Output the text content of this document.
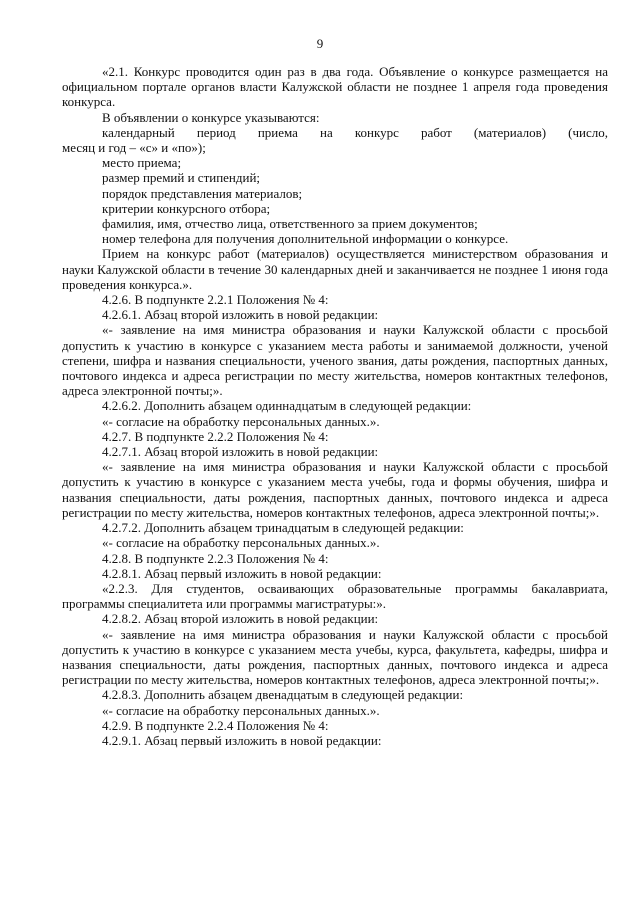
9

«2.1. Конкурс проводится один раз в два года. Объявление о конкурсе размещается на официальном портале органов власти Калужской области не позднее 1 апреля года проведения конкурса.

В объявлении о конкурсе указываются:

календарный период приема на конкурс работ (материалов) (число,

месяц и год – «с» и «по»);

место приема;

размер премий и стипендий;

порядок представления материалов;

критерии конкурсного отбора;

фамилия, имя, отчество лица, ответственного за прием документов;

номер телефона для получения дополнительной информации о конкурсе.

Прием на конкурс работ (материалов) осуществляется министерством образования и науки Калужской области в течение 30 календарных дней и заканчивается не позднее 1 июня года проведения конкурса.».

4.2.6. В подпункте 2.2.1 Положения № 4:

4.2.6.1. Абзац второй изложить в новой редакции:

«- заявление на имя министра образования и науки Калужской области с просьбой допустить к участию в конкурсе с указанием места работы и занимаемой должности, ученой степени, шифра и названия специальности, ученого звания, даты рождения, паспортных данных, почтового индекса и адреса регистрации по месту жительства, номеров контактных телефонов, адреса электронной почты;».

4.2.6.2. Дополнить абзацем одиннадцатым в следующей редакции:

«- согласие на обработку персональных данных.».

4.2.7. В подпункте 2.2.2 Положения № 4:

4.2.7.1. Абзац второй изложить в новой редакции:

«- заявление на имя министра образования и науки Калужской области с просьбой допустить к участию в конкурсе с указанием места учебы, года и формы обучения, шифра и названия специальности, даты рождения, паспортных данных, почтового индекса и адреса регистрации по месту жительства, номеров контактных телефонов, адреса электронной почты;».

4.2.7.2. Дополнить абзацем тринадцатым в следующей редакции:

«- согласие на обработку персональных данных.».

4.2.8. В подпункте 2.2.3 Положения № 4:

4.2.8.1. Абзац первый изложить в новой редакции:

«2.2.3. Для студентов, осваивающих образовательные программы бакалавриата, программы специалитета или программы магистратуры:».

4.2.8.2. Абзац второй изложить в новой редакции:

«- заявление на имя министра образования и науки Калужской области с просьбой допустить к участию в конкурсе с указанием места учебы, курса, факультета, кафедры, шифра и названия специальности, даты рождения, паспортных данных, почтового индекса и адреса регистрации по месту жительства, номеров контактных телефонов, адреса электронной почты;».

4.2.8.3. Дополнить абзацем двенадцатым в следующей редакции:

«- согласие на обработку персональных данных.».

4.2.9. В подпункте 2.2.4 Положения № 4:

4.2.9.1. Абзац первый изложить в новой редакции:
